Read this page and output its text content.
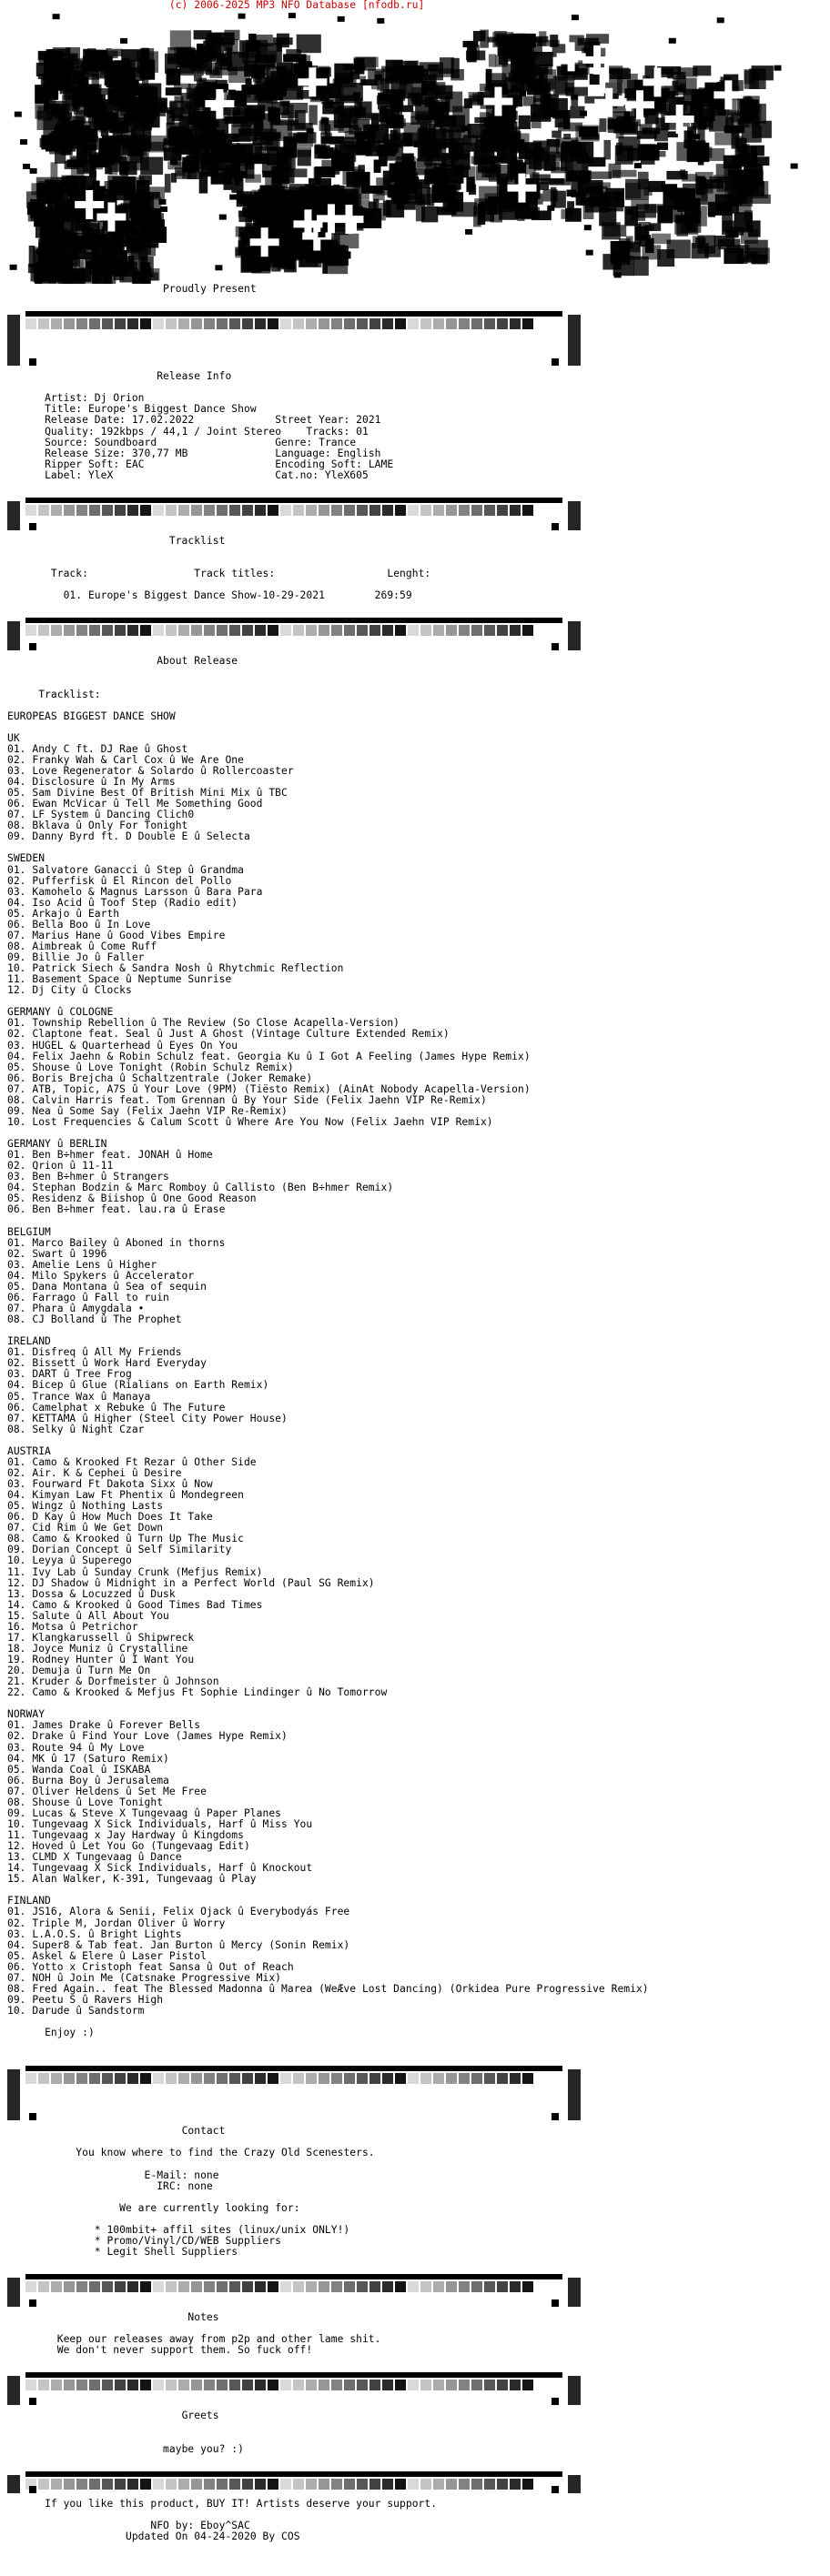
(c) 2006-2025 MP3 NFO Database [nfodb.ru]

Proudly Present

Release Info

Artist: Dj Orion
Title: Europe's Biggest Dance Show
Release Date: 17.02.2022	Street Year: 2021
Quality: 192kbps / 44,1 / Joint Stereo Tracks: 01
Source: Soundboard	Genre: Trance
Release Size: 370,77 MB	Language: English
Ripper Soft: EAC	Encoding Soft: LAME
Label: YleX	Cat.no: YleX605

Tracklist

Track:	Track titles:	Lenght:

01. Europe's Biggest Dance Show-10-29-2021	269:59

About Release

Tracklist:

EUROPEAS BIGGEST DANCE SHOW

UK
01. Andy C ft. DJ Rae û Ghost
02. Franky Wah & Carl Cox û We Are One
03. Love Regenerator & Solardo û Rollercoaster
04. Disclosure û In My Arms
05. Sam Divine Best Of British Mini Mix û TBC
06. Ewan McVicar û Tell Me Something Good
07. LF System û Dancing Clich0
08. Bklava û Only For Tonight
09. Danny Byrd ft. D Double E û Selecta

SWEDEN
01. Salvatore Ganacci û Step û Grandma
02. Pufferfisk û El Rincon del Pollo
03. Kamohelo & Magnus Larsson û Bara Para
04. Iso Acid û Toof Step (Radio edit)
05. Arkajo û Earth
06. Bella Boo û In Love
07. Marius Hane û Good Vibes Empire
08. Aimbreak û Come Ruff
09. Billie Jo û Faller
10. Patrick Siech & Sandra Nosh û Rhytchmic Reflection
11. Basement Space û Neptume Sunrise
12. Dj City û Clocks

GERMANY û COLOGNE
01. Township Rebellion û The Review (So Close Acapella-Version)
02. Claptone feat. Seal û Just A Ghost (Vintage Culture Extended Remix)
03. HUGEL & Quarterhead û Eyes On You
04. Felix Jaehn & Robin Schulz feat. Georgia Ku û I Got A Feeling (James Hype Remix)
05. Shouse û Love Tonight (Robin Schulz Remix)
06. Boris Brejcha û Schaltzentrale (Joker Remake)
07. ATB, Topic, A7S û Your Love (9PM) (Tiësto Remix) (AinAt Nobody Acapella-Version)
08. Calvin Harris feat. Tom Grennan û By Your Side (Felix Jaehn VIP Re-Remix)
09. Nea û Some Say (Felix Jaehn VIP Re-Remix)
10. Lost Frequencies & Calum Scott û Where Are You Now (Felix Jaehn VIP Remix)

GERMANY û BERLIN
01. Ben B÷hmer feat. JONAH û Home
02. Qrion û 11-11
03. Ben B÷hmer û Strangers
04. Stephan Bodzin & Marc Romboy û Callisto (Ben B÷hmer Remix)
05. Residenz & Biishop û One Good Reason
06. Ben B÷hmer feat. lau.ra û Erase

BELGIUM
01. Marco Bailey û Aboned in thorns
02. Swart û 1996
03. Amelie Lens û Higher
04. Milo Spykers û Accelerator
05. Dana Montana û Sea of sequin
06. Farrago û Fall to ruin
07. Phara û Amygdala •
08. CJ Bolland û The Prophet

IRELAND
01. Disfreq û All My Friends
02. Bissett û Work Hard Everyday
03. DART û Tree Frog
04. Bicep û Glue (Rialians on Earth Remix)
05. Trance Wax û Manaya
06. Camelphat x Rebuke û The Future
07. KETTAMA û Higher (Steel City Power House)
08. Selky û Night Czar

AUSTRIA
01. Camo & Krooked Ft Rezar û Other Side
02. Air. K & Cephei û Desire
03. Fourward Ft Dakota Sixx û Now
04. Kimyan Law Ft Phentix û Mondegreen
05. Wingz û Nothing Lasts
06. D Kay û How Much Does It Take
07. Cid Rim û We Get Down
08. Camo & Krooked û Turn Up The Music
09. Dorian Concept û Self Similarity
10. Leyya û Superego
11. Ivy Lab û Sunday Crunk (Mefjus Remix)
12. DJ Shadow û Midnight in a Perfect World (Paul SG Remix)
13. Dossa & Locuzzed û Dusk
14. Camo & Krooked û Good Times Bad Times
15. Salute û All About You
16. Motsa û Petrichor
17. Klangkarussell û Shipwreck
18. Joyce Muniz û Crystalline
19. Rodney Hunter û I Want You
20. Demuja û Turn Me On
21. Kruder & Dorfmeister û Johnson
22. Camo & Krooked & Mefjus Ft Sophie Lindinger û No Tomorrow

NORWAY
01. James Drake û Forever Bells
02. Drake û Find Your Love (James Hype Remix)
03. Route 94 û My Love
04. MK û 17 (Saturo Remix)
05. Wanda Coal û ISKABA
06. Burna Boy û Jerusalema
07. Oliver Heldens û Set Me Free
08. Shouse û Love Tonight
09. Lucas & Steve X Tungevaag û Paper Planes
10. Tungevaag X Sick Individuals, Harf û Miss You
11. Tungevaag x Jay Hardway û Kingdoms
12. Hoved û Let You Go (Tungevaag Edit)
13. CLMD X Tungevaag û Dance
14. Tungevaag X Sick Individuals, Harf û Knockout
15. Alan Walker, K-391, Tungevaag û Play

FINLAND
01. JS16, Alora & Senii, Felix Ojack û Everybodyás Free
02. Triple M, Jordan Oliver û Worry
03. L.A.O.S. û Bright Lights
04. Super8 & Tab feat. Jan Burton û Mercy (Sonin Remix)
05. Askel & Elere û Laser Pistol
06. Yotto x Cristoph feat Sansa û Out of Reach
07. NOH û Join Me (Catsnake Progressive Mix)
08. Fred Again.. feat The Blessed Madonna û Marea (WeÆve Lost Dancing) (Orkidea Pure Progressive Remix)
09. Peetu S û Ravers High
10. Darude û Sandstorm

Enjoy :)

Contact

You know where to find the Crazy Old Scenesters.

E-Mail: none
IRC: none

We are currently looking for:

* 100mbit+ affil sites (linux/unix ONLY!)
* Promo/Vinyl/CD/WEB Suppliers
* Legit Shell Suppliers

Notes

Keep our releases away from p2p and other lame shit.
We don't never support them. So fuck off!

Greets

maybe you? :)

If you like this product, BUY IT! Artists deserve your support.

NFO by: Eboy^SAC
Updated On 04-24-2020 By COS
